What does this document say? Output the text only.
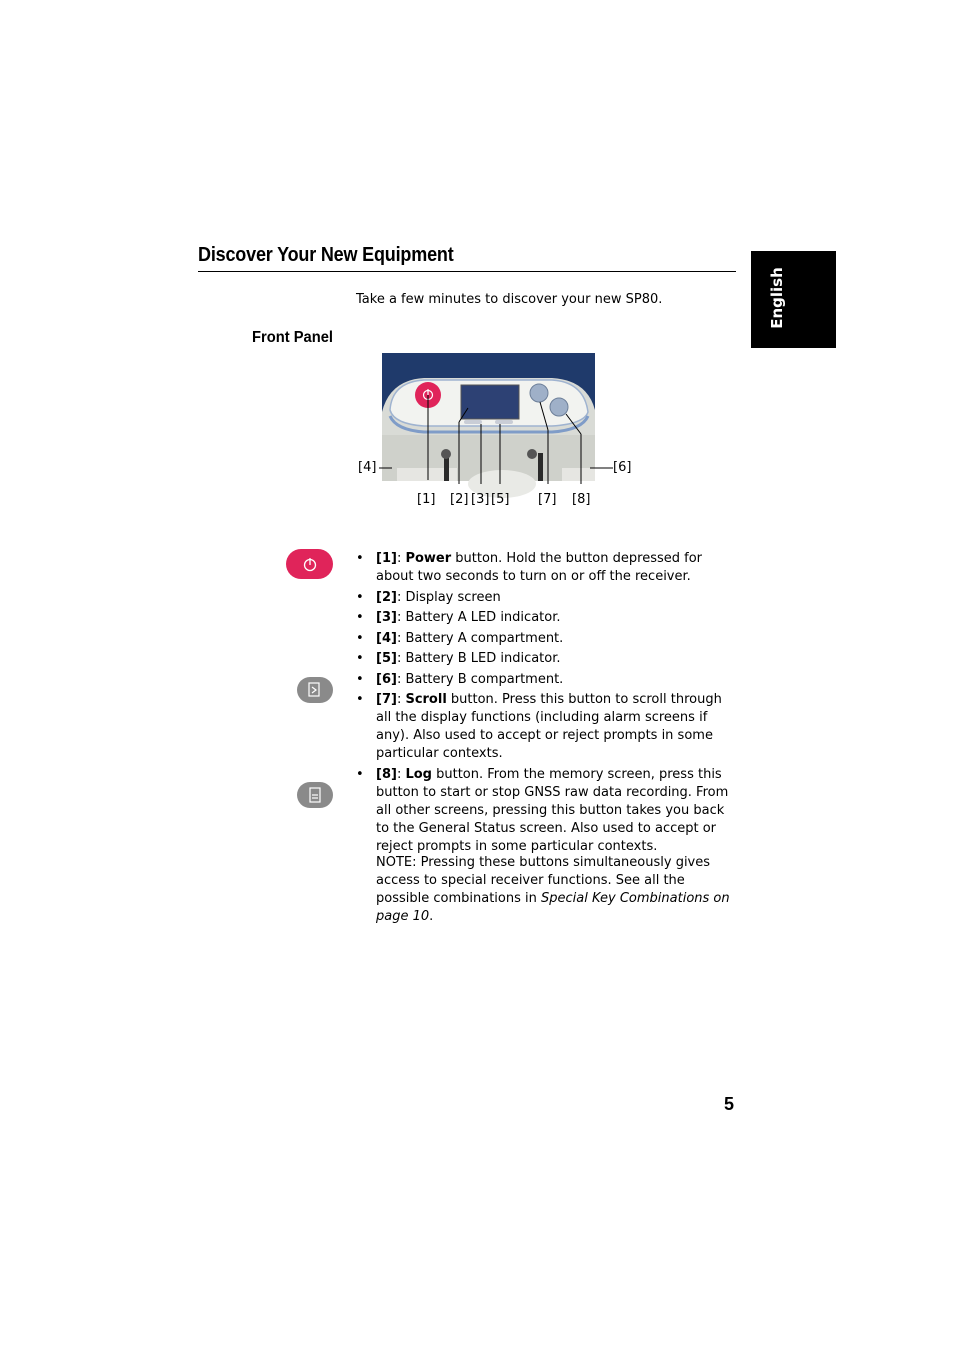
Discover Your New Equipment
English
Take a few minutes to discover your new SP80.
Front Panel
[4]	[6]
[1] [2] [3] [5] [7] [8]
• [1]: Power button. Hold the button depressed for about two seconds to turn on or off the receiver.
• [2]: Display screen
• [3]: Battery A LED indicator.
• [4]: Battery A compartment.
• [5]: Battery B LED indicator.
• [6]: Battery B compartment.
• [7]: Scroll button. Press this button to scroll through all the display functions (including alarm screens if any). Also used to accept or reject prompts in some particular contexts.
• [8]: Log button. From the memory screen, press this button to start or stop GNSS raw data recording. From all other screens, pressing this button takes you back to the General Status screen. Also used to accept or reject prompts in some particular contexts.
NOTE: Pressing these buttons simultaneously gives access to special receiver functions. See all the possible combinations in Special Key Combinations on page 10.
5
